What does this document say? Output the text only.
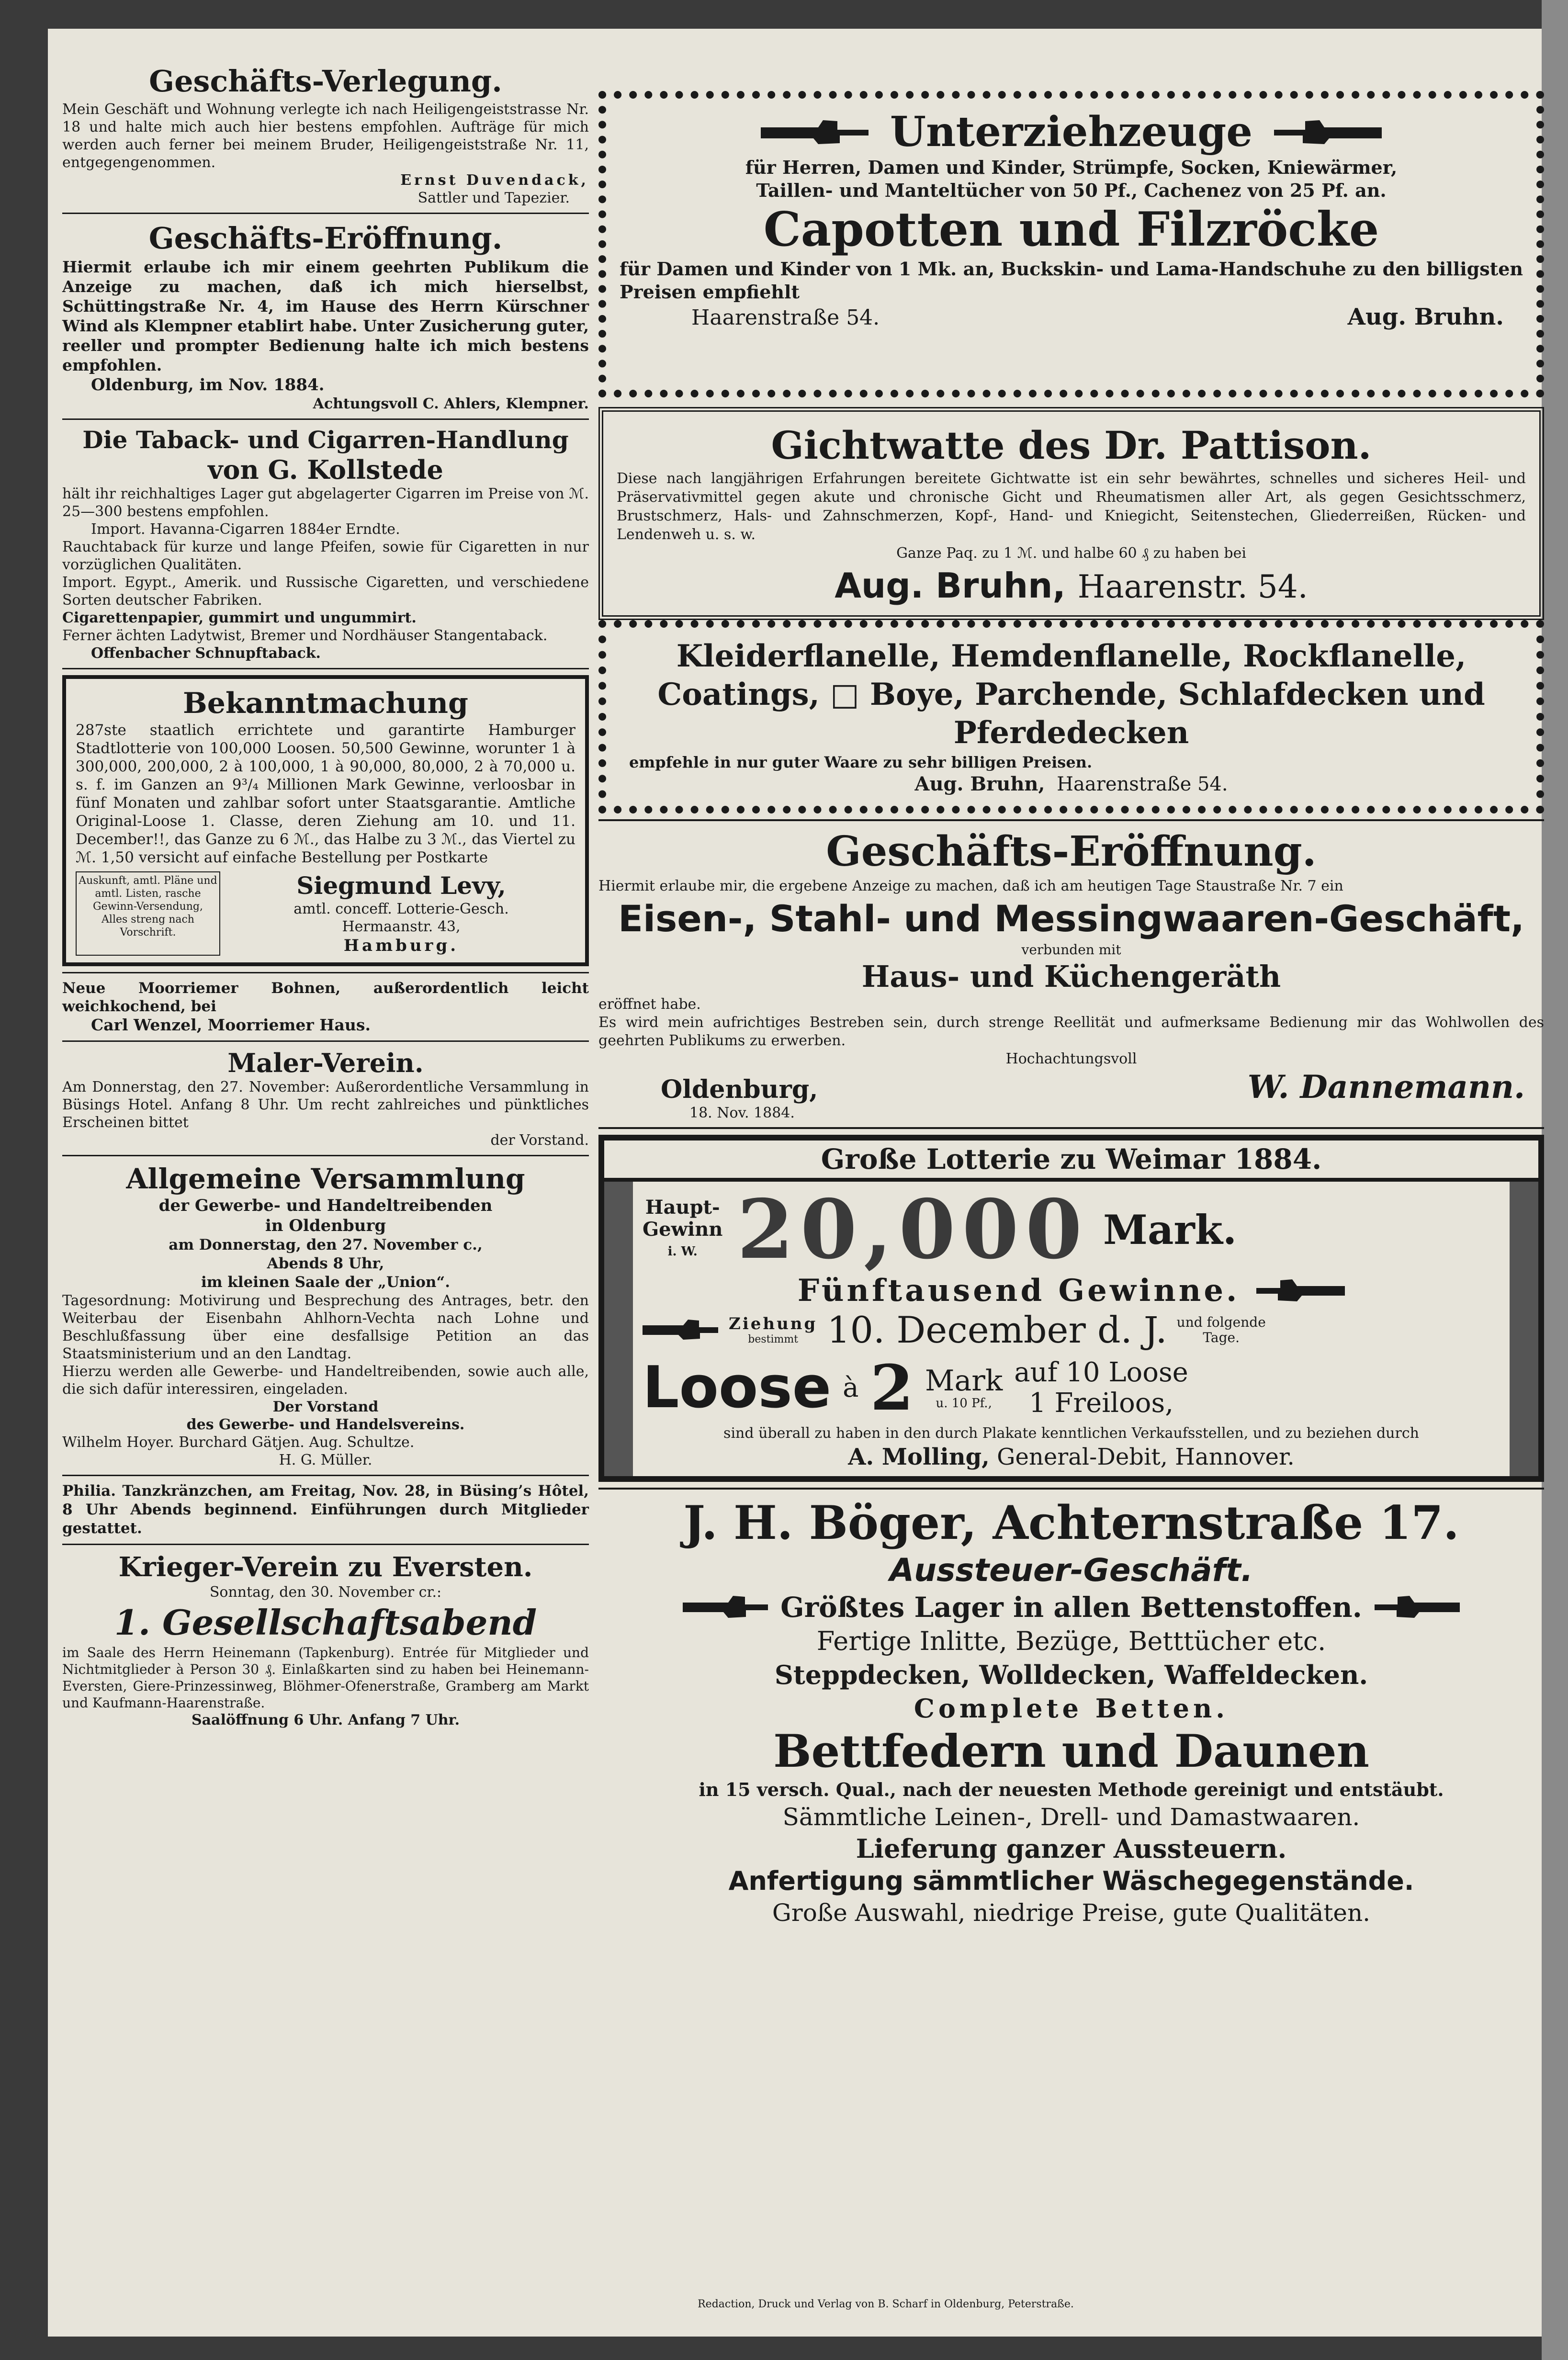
Geschäfts-Verlegung.
Mein Geschäft und Wohnung verlegte ich nach Heiligengeiststrasse Nr. 18 und halte mich auch hier bestens empfohlen. Aufträge für mich werden auch ferner bei meinem Bruder, Heiligengeiststraße Nr. 11, entgegengenommen.
Ernst Duvendack,
Sattler und Tapezier.
Geschäfts-Eröffnung.
Hiermit erlaube ich mir einem geehrten Publikum die Anzeige zu machen, daß ich mich hierselbst, Schüttingstraße Nr. 4, im Hause des Herrn Kürschner Wind als Klempner etablirt habe. Unter Zusicherung guter, reeller und prompter Bedienung halte ich mich bestens empfohlen.
Oldenburg, im Nov. 1884.
Achtungsvoll C. Ahlers, Klempner.
Die Taback- und Cigarren-Handlung
von G. Kollstede
hält ihr reichhaltiges Lager gut abgelagerter Cigarren im Preise von ℳ. 25—300 bestens empfohlen.
Import. Havanna-Cigarren 1884er Erndte.
Rauchtaback für kurze und lange Pfeifen, sowie für Cigaretten in nur vorzüglichen Qualitäten.
Import. Egypt., Amerik. und Russische Cigaretten, und verschiedene Sorten deutscher Fabriken.
Cigarettenpapier, gummirt und ungummirt.
Ferner ächten Ladytwist, Bremer und Nordhäuser Stangentaback.
Offenbacher Schnupftaback.
Bekanntmachung
287ste staatlich errichtete und garantirte Hamburger Stadtlotterie von 100,000 Loosen. 50,500 Gewinne, worunter 1 à 300,000, 200,000, 2 à 100,000, 1 à 90,000, 80,000, 2 à 70,000 u. s. f. im Ganzen an 9³/₄ Millionen Mark Gewinne, verloosbar in fünf Monaten und zahlbar sofort unter Staatsgarantie. Amtliche Original-Loose 1. Classe, deren Ziehung am 10. und 11. December!!, das Ganze zu 6 ℳ., das Halbe zu 3 ℳ., das Viertel zu ℳ. 1,50 versicht auf einfache Bestellung per Postkarte
Auskunft, amtl. Pläne und amtl. Listen, rasche Gewinn-Versendung, Alles streng nach Vorschrift.
Siegmund Levy,
amtl. conceff. Lotterie-Gesch.
Hermaanstr. 43,
Hamburg.
Neue Moorriemer Bohnen, außerordentlich leicht weichkochend, bei
Carl Wenzel, Moorriemer Haus.
Maler-Verein.
Am Donnerstag, den 27. November: Außerordentliche Versammlung in Büsings Hotel. Anfang 8 Uhr. Um recht zahlreiches und pünktliches Erscheinen bittet
der Vorstand.
Allgemeine Versammlung
der Gewerbe- und Handeltreibenden
in Oldenburg
am Donnerstag, den 27. November c.,
Abends 8 Uhr,
im kleinen Saale der „Union“.
Tagesordnung: Motivirung und Besprechung des Antrages, betr. den Weiterbau der Eisenbahn Ahlhorn-Vechta nach Lohne und Beschlußfassung über eine desfallsige Petition an das Staatsministerium und an den Landtag.
Hierzu werden alle Gewerbe- und Handeltreibenden, sowie auch alle, die sich dafür interessiren, eingeladen.
Der Vorstand
des Gewerbe- und Handelsvereins.
Wilhelm Hoyer. Burchard Gätjen. Aug. Schultze.
H. G. Müller.
Philia. Tanzkränzchen, am Freitag, Nov. 28, in Büsing’s Hôtel, 8 Uhr Abends beginnend. Einführungen durch Mitglieder gestattet.
Krieger-Verein zu Eversten.
Sonntag, den 30. November cr.:
1. Gesellschaftsabend
im Saale des Herrn Heinemann (Tapkenburg). Entrée für Mitglieder und Nichtmitglieder à Person 30 ₰. Einlaßkarten sind zu haben bei Heinemann-Eversten, Giere-Prinzessinweg, Blöhmer-Ofenerstraße, Gramberg am Markt und Kaufmann-Haarenstraße.
Saalöffnung 6 Uhr. Anfang 7 Uhr.
Unterziehzeuge
für Herren, Damen und Kinder, Strümpfe, Socken, Kniewärmer,
Taillen- und Manteltücher von 50 Pf., Cachenez von 25 Pf. an.
Capotten und Filzröcke
für Damen und Kinder von 1 Mk. an, Buckskin- und Lama-Handschuhe zu den billigsten Preisen empfiehlt
Haarenstraße 54.	Aug. Bruhn.
Gichtwatte des Dr. Pattison.
Diese nach langjährigen Erfahrungen bereitete Gichtwatte ist ein sehr bewährtes, schnelles und sicheres Heil- und Präservativmittel gegen akute und chronische Gicht und Rheumatismen aller Art, als gegen Gesichtsschmerz, Brustschmerz, Hals- und Zahnschmerzen, Kopf-, Hand- und Kniegicht, Seitenstechen, Gliederreißen, Rücken- und Lendenweh u. s. w.
Ganze Paq. zu 1 ℳ. und halbe 60 ₰ zu haben bei
Aug. Bruhn, Haarenstr. 54.
Kleiderflanelle, Hemdenflanelle, Rockflanelle,
Coatings, □ Boye, Parchende, Schlafdecken und
Pferdedecken
empfehle in nur guter Waare zu sehr billigen Preisen.
Aug. Bruhn, Haarenstraße 54.
Geschäfts-Eröffnung.
Hiermit erlaube mir, die ergebene Anzeige zu machen, daß ich am heutigen Tage Staustraße Nr. 7 ein
Eisen-, Stahl- und Messingwaaren-Geschäft,
verbunden mit
Haus- und Küchengeräth
eröffnet habe.
Es wird mein aufrichtiges Bestreben sein, durch strenge Reellität und aufmerksame Bedienung mir das Wohlwollen des geehrten Publikums zu erwerben.
Hochachtungsvoll
Oldenburg,
18. Nov. 1884.
W. Dannemann.
Große Lotterie zu Weimar 1884.
Haupt-
Gewinn
i. W. 20,000 Mark.
Fünftausend Gewinne.
Ziehung
bestimmt 10. December d. J. und folgende
Tage.
Loose à 2 Mark
u. 10 Pf.,
auf 10 Loose
1 Freiloos,
sind überall zu haben in den durch Plakate kenntlichen Verkaufsstellen, und zu beziehen durch
A. Molling, General-Debit, Hannover.
J. H. Böger, Achternstraße 17.
Aussteuer-Geschäft.
Größtes Lager in allen Bettenstoffen.
Fertige Inlitte, Bezüge, Betttücher etc.
Steppdecken, Wolldecken, Waffeldecken.
Complete Betten.
Bettfedern und Daunen
in 15 versch. Qual., nach der neuesten Methode gereinigt und entstäubt.
Sämmtliche Leinen-, Drell- und Damastwaaren.
Lieferung ganzer Aussteuern.
Anfertigung sämmtlicher Wäschegegenstände.
Große Auswahl, niedrige Preise, gute Qualitäten.
Redaction, Druck und Verlag von B. Scharf in Oldenburg, Peterstraße.
